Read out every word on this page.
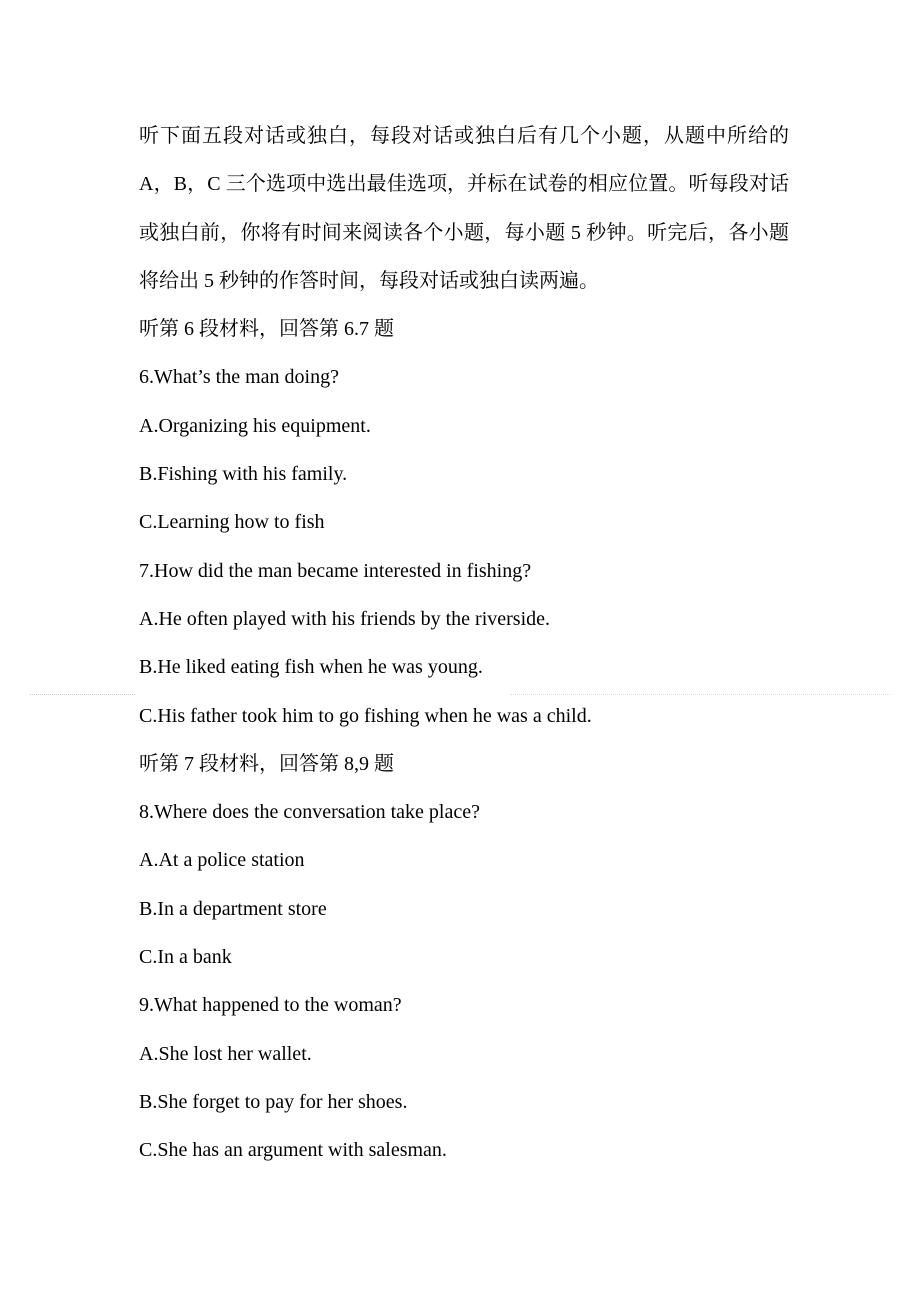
听下面五段对话或独白，每段对话或独白后有几个小题，从题中所给的 A，B，C 三个选项中选出最佳选项，并标在试卷的相应位置。听每段对话或独白前，你将有时间来阅读各个小题，每小题 5 秒钟。听完后，各小题将给出 5 秒钟的作答时间，每段对话或独白读两遍。

听第 6 段材料，回答第 6.7 题

6.What’s the man doing?

A.Organizing his equipment.

B.Fishing with his family.

C.Learning how to fish

7.How did the man became interested in fishing?

A.He often played with his friends by the riverside.

B.He liked eating fish when he was young.

C.His father took him to go fishing when he was a child.

听第 7 段材料，回答第 8,9 题

8.Where does the conversation take place?

A.At a police station

B.In a department store

C.In a bank

9.What happened to the woman?

A.She lost her wallet.

B.She forget to pay for her shoes.

C.She has an argument with salesman.
